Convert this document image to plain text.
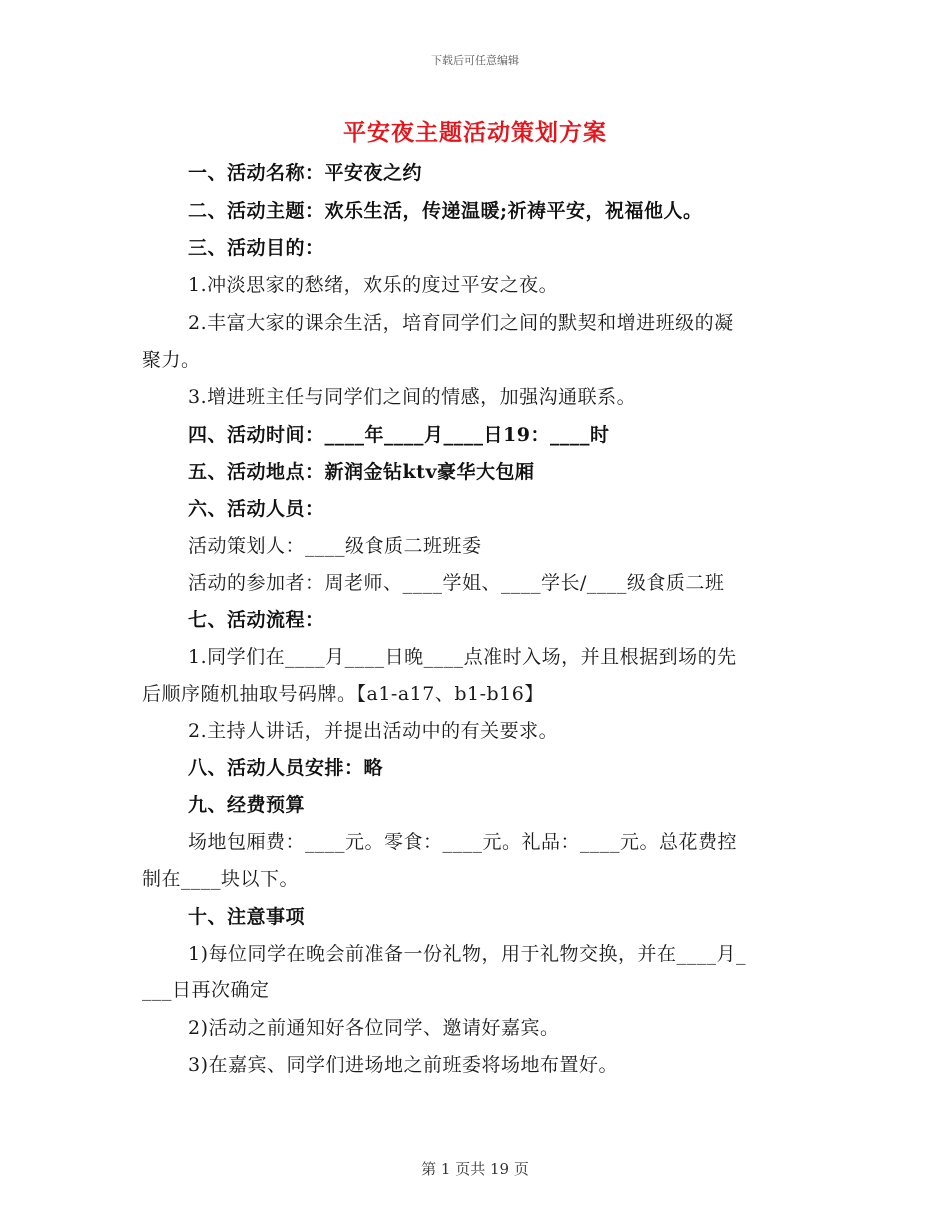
下载后可任意编辑
平安夜主题活动策划方案
一、活动名称：平安夜之约
二、活动主题：欢乐生活，传递温暖;祈祷平安，祝福他人。
三、活动目的：
1.冲淡思家的愁绪，欢乐的度过平安之夜。
2.丰富大家的课余生活，培育同学们之间的默契和增进班级的凝
聚力。
3.增进班主任与同学们之间的情感，加强沟通联系。
四、活动时间：____年____月____日19：____时
五、活动地点：新润金钻ktv豪华大包厢
六、活动人员：
活动策划人：____级食质二班班委
活动的参加者：周老师、____学姐、____学长/____级食质二班
七、活动流程：
1.同学们在____月____日晚____点准时入场，并且根据到场的先
后顺序随机抽取号码牌。【a1-a17、b1-b16】
2.主持人讲话，并提出活动中的有关要求。
八、活动人员安排：略
九、经费预算
场地包厢费：____元。零食：____元。礼品：____元。总花费控
制在____块以下。
十、注意事项
1)每位同学在晚会前准备一份礼物，用于礼物交换，并在____月_
___日再次确定
2)活动之前通知好各位同学、邀请好嘉宾。
3)在嘉宾、同学们进场地之前班委将场地布置好。
第 1 页共 19 页
